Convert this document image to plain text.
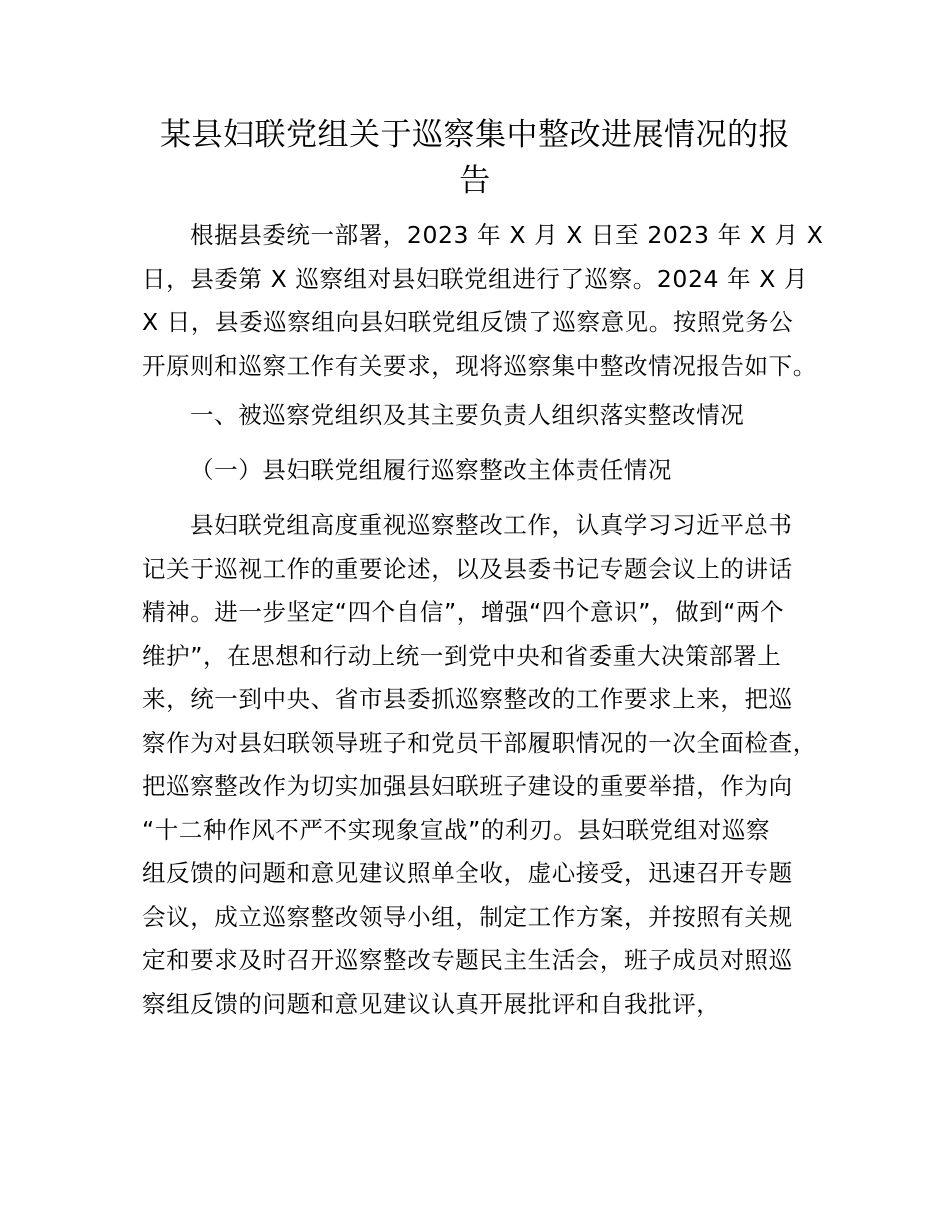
某县妇联党组关于巡察集中整改进展情况的报
告
根据县委统一部署，2023 年 X 月 X 日至 2023 年 X 月 X
日，县委第 X 巡察组对县妇联党组进行了巡察。2024 年 X 月
X 日，县委巡察组向县妇联党组反馈了巡察意见。按照党务公
开原则和巡察工作有关要求，现将巡察集中整改情况报告如下。
一、被巡察党组织及其主要负责人组织落实整改情况
（一）县妇联党组履行巡察整改主体责任情况
县妇联党组高度重视巡察整改工作，认真学习习近平总书
记关于巡视工作的重要论述，以及县委书记专题会议上的讲话
精神。进一步坚定“四个自信”，增强“四个意识”，做到“两个
维护”，在思想和行动上统一到党中央和省委重大决策部署上
来，统一到中央、省市县委抓巡察整改的工作要求上来，把巡
察作为对县妇联领导班子和党员干部履职情况的一次全面检查，
把巡察整改作为切实加强县妇联班子建设的重要举措，作为向
“十二种作风不严不实现象宣战”的利刃。县妇联党组对巡察
组反馈的问题和意见建议照单全收，虚心接受，迅速召开专题
会议，成立巡察整改领导小组，制定工作方案，并按照有关规
定和要求及时召开巡察整改专题民主生活会，班子成员对照巡
察组反馈的问题和意见建议认真开展批评和自我批评，
